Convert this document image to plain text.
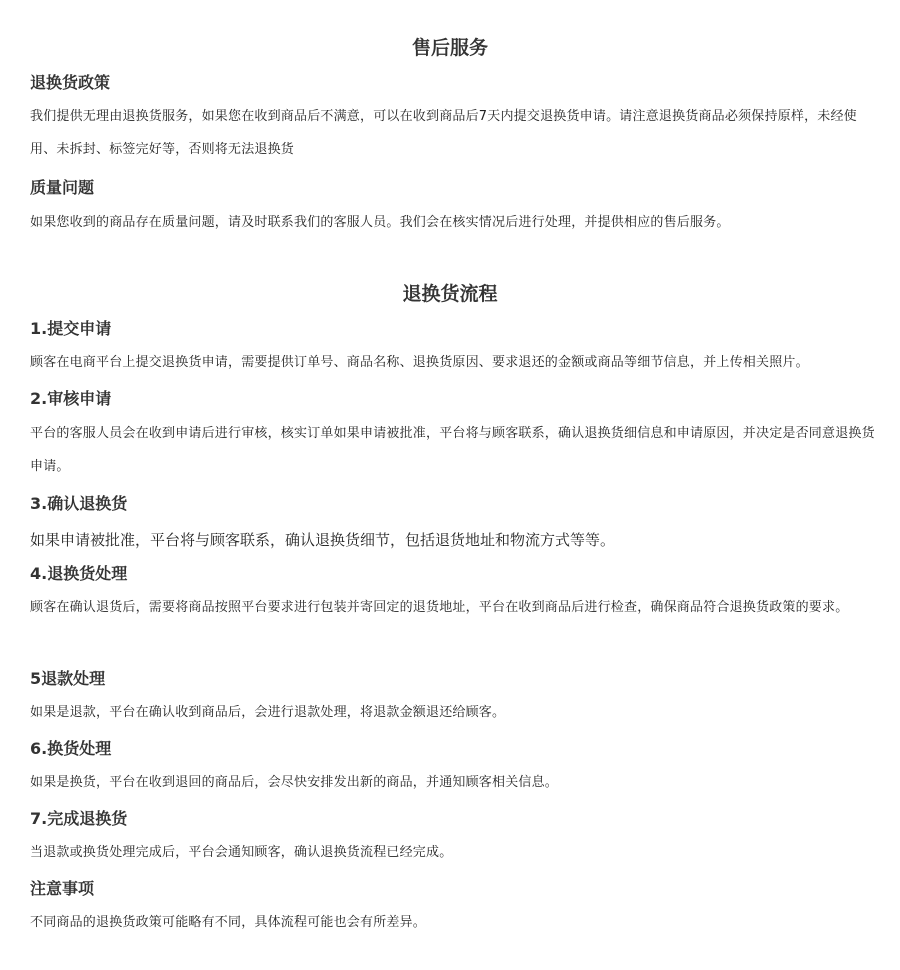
售后服务
退换货政策

我们提供无理由退换货服务，如果您在收到商品后不满意，可以在收到商品后7天内提交退换货申请。请注意退换货商品必须保持原样，未经使用、未拆封、标签完好等，否则将无法退换货

质量问题

如果您收到的商品存在质量问题，请及时联系我们的客服人员。我们会在核实情况后进行处理，并提供相应的售后服务。

退换货流程
1.提交申请

顾客在电商平台上提交退换货申请，需要提供订单号、商品名称、退换货原因、要求退还的金额或商品等细节信息，并上传相关照片。

2.审核申请

平台的客服人员会在收到申请后进行审核，核实订单如果申请被批准，平台将与顾客联系，确认退换货细信息和申请原因，并决定是否同意退换货申请。

3.确认退换货

如果申请被批准，平台将与顾客联系，确认退换货细节，包括退货地址和物流方式等等。

4.退换货处理

顾客在确认退货后，需要将商品按照平台要求进行包装并寄回定的退货地址，平台在收到商品后进行检查，确保商品符合退换货政策的要求。

5退款处理

如果是退款，平台在确认收到商品后，会进行退款处理，将退款金额退还给顾客。

6.换货处理

如果是换货，平台在收到退回的商品后，会尽快安排发出新的商品，并通知顾客相关信息。

7.完成退换货

当退款或换货处理完成后，平台会通知顾客，确认退换货流程已经完成。

注意事项

不同商品的退换货政策可能略有不同，具体流程可能也会有所差异。
